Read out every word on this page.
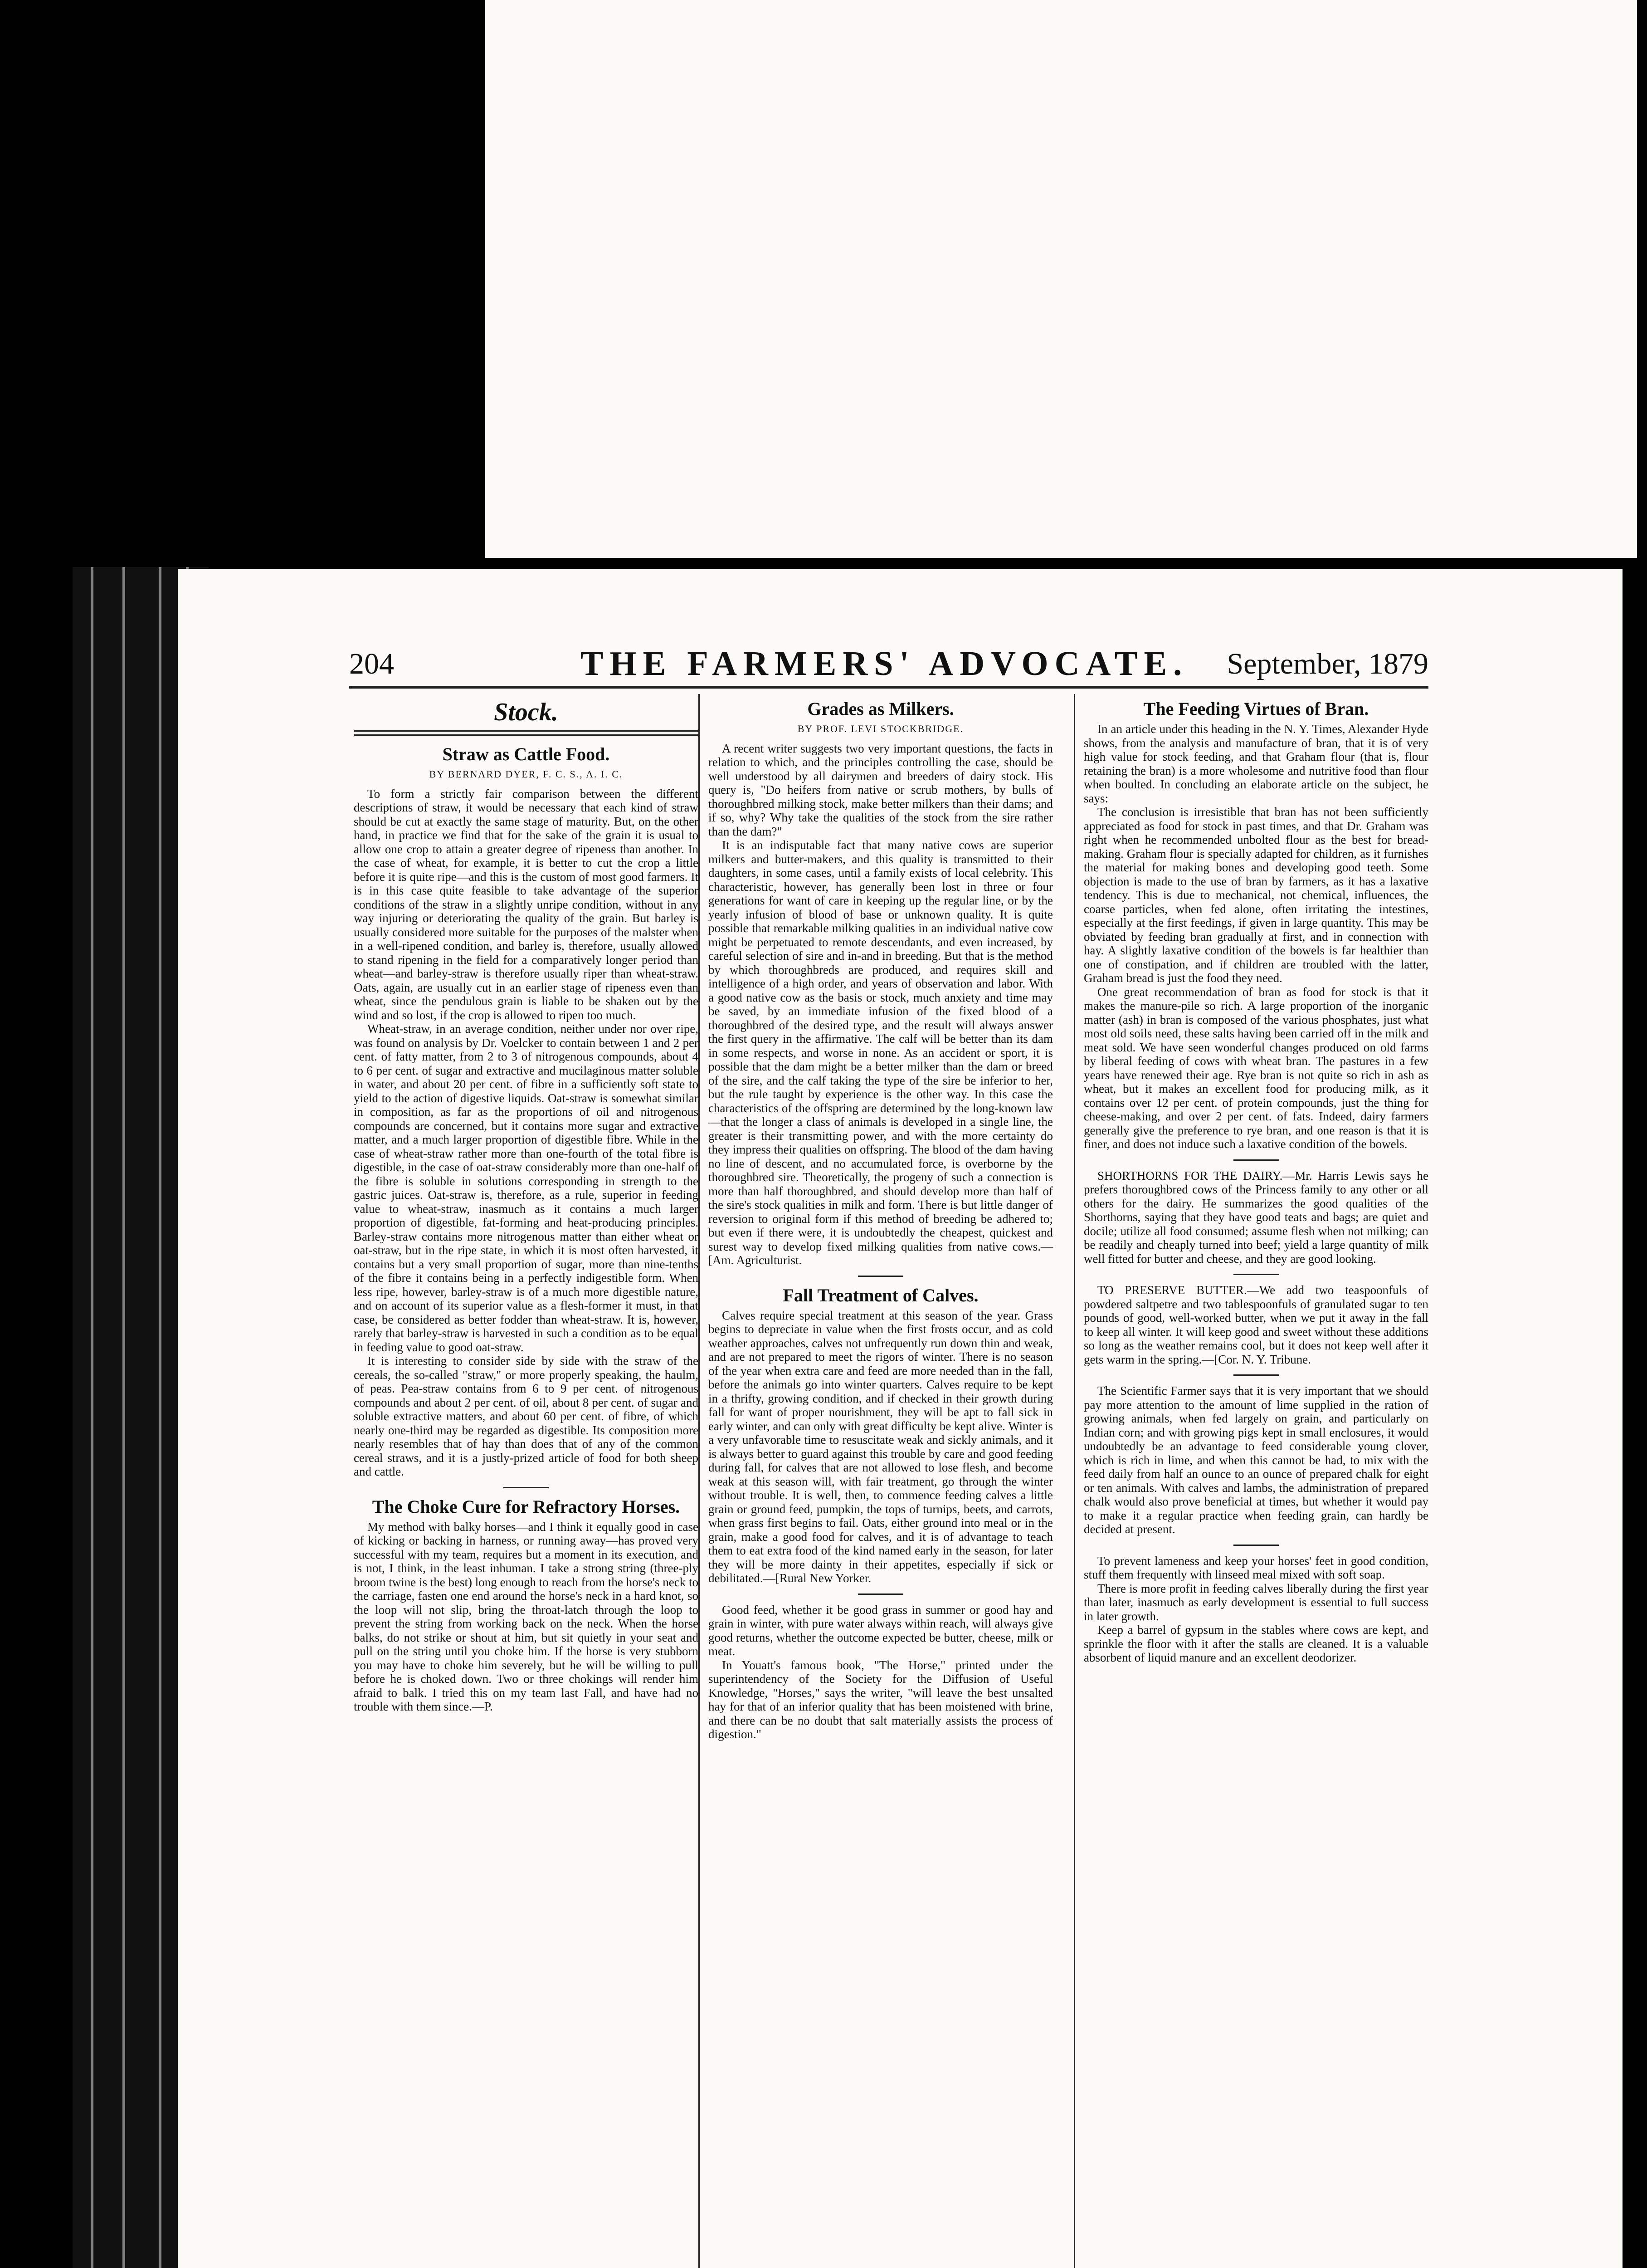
204	THE FARMERS' ADVOCATE.	September, 1879
Stock.
Straw as Cattle Food.
BY BERNARD DYER, F. C. S., A. I. C.

To form a strictly fair comparison between the different descriptions of straw, it would be necessary that each kind of straw should be cut at exactly the same stage of maturity. But, on the other hand, in practice we find that for the sake of the grain it is usual to allow one crop to attain a greater degree of ripeness than another. In the case of wheat, for example, it is better to cut the crop a little before it is quite ripe—and this is the custom of most good farmers. It is in this case quite feasible to take advantage of the superior conditions of the straw in a slightly unripe condition, without in any way injuring or deteriorating the quality of the grain. But barley is usually considered more suitable for the purposes of the malster when in a well-ripened condition, and barley is, therefore, usually allowed to stand ripening in the field for a comparatively longer period than wheat—and barley-straw is therefore usually riper than wheat-straw. Oats, again, are usually cut in an earlier stage of ripeness even than wheat, since the pendulous grain is liable to be shaken out by the wind and so lost, if the crop is allowed to ripen too much.

Wheat-straw, in an average condition, neither under nor over ripe, was found on analysis by Dr. Voelcker to contain between 1 and 2 per cent. of fatty matter, from 2 to 3 of nitrogenous compounds, about 4 to 6 per cent. of sugar and extractive and mucilaginous matter soluble in water, and about 20 per cent. of fibre in a sufficiently soft state to yield to the action of digestive liquids. Oat-straw is somewhat similar in composition, as far as the proportions of oil and nitrogenous compounds are concerned, but it contains more sugar and extractive matter, and a much larger proportion of digestible fibre. While in the case of wheat-straw rather more than one-fourth of the total fibre is digestible, in the case of oat-straw considerably more than one-half of the fibre is soluble in solutions corresponding in strength to the gastric juices. Oat-straw is, therefore, as a rule, superior in feeding value to wheat-straw, inasmuch as it contains a much larger proportion of digestible, fat-forming and heat-producing principles. Barley-straw contains more nitrogenous matter than either wheat or oat-straw, but in the ripe state, in which it is most often harvested, it contains but a very small proportion of sugar, more than nine-tenths of the fibre it contains being in a perfectly indigestible form. When less ripe, however, barley-straw is of a much more digestible nature, and on account of its superior value as a flesh-former it must, in that case, be considered as better fodder than wheat-straw. It is, however, rarely that barley-straw is harvested in such a condition as to be equal in feeding value to good oat-straw.

It is interesting to consider side by side with the straw of the cereals, the so-called "straw," or more properly speaking, the haulm, of peas. Pea-straw contains from 6 to 9 per cent. of nitrogenous compounds and about 2 per cent. of oil, about 8 per cent. of sugar and soluble extractive matters, and about 60 per cent. of fibre, of which nearly one-third may be regarded as digestible. Its composition more nearly resembles that of hay than does that of any of the common cereal straws, and it is a justly-prized article of food for both sheep and cattle.

The Choke Cure for Refractory Horses.

My method with balky horses—and I think it equally good in case of kicking or backing in harness, or running away—has proved very successful with my team, requires but a moment in its execution, and is not, I think, in the least inhuman. I take a strong string (three-ply broom twine is the best) long enough to reach from the horse's neck to the carriage, fasten one end around the horse's neck in a hard knot, so the loop will not slip, bring the throat-latch through the loop to prevent the string from working back on the neck. When the horse balks, do not strike or shout at him, but sit quietly in your seat and pull on the string until you choke him. If the horse is very stubborn you may have to choke him severely, but he will be willing to pull before he is choked down. Two or three chokings will render him afraid to balk. I tried this on my team last Fall, and have had no trouble with them since.—P.

Grades as Milkers.
BY PROF. LEVI STOCKBRIDGE.

A recent writer suggests two very important questions, the facts in relation to which, and the principles controlling the case, should be well understood by all dairymen and breeders of dairy stock. His query is, "Do heifers from native or scrub mothers, by bulls of thoroughbred milking stock, make better milkers than their dams; and if so, why? Why take the qualities of the stock from the sire rather than the dam?"

It is an indisputable fact that many native cows are superior milkers and butter-makers, and this quality is transmitted to their daughters, in some cases, until a family exists of local celebrity. This characteristic, however, has generally been lost in three or four generations for want of care in keeping up the regular line, or by the yearly infusion of blood of base or unknown quality. It is quite possible that remarkable milking qualities in an individual native cow might be perpetuated to remote descendants, and even increased, by careful selection of sire and in-and in breeding. But that is the method by which thoroughbreds are produced, and requires skill and intelligence of a high order, and years of observation and labor. With a good native cow as the basis or stock, much anxiety and time may be saved, by an immediate infusion of the fixed blood of a thoroughbred of the desired type, and the result will always answer the first query in the affirmative. The calf will be better than its dam in some respects, and worse in none. As an accident or sport, it is possible that the dam might be a better milker than the dam or breed of the sire, and the calf taking the type of the sire be inferior to her, but the rule taught by experience is the other way. In this case the characteristics of the offspring are determined by the long-known law—that the longer a class of animals is developed in a single line, the greater is their transmitting power, and with the more certainty do they impress their qualities on offspring. The blood of the dam having no line of descent, and no accumulated force, is overborne by the thoroughbred sire. Theoretically, the progeny of such a connection is more than half thoroughbred, and should develop more than half of the sire's stock qualities in milk and form. There is but little danger of reversion to original form if this method of breeding be adhered to; but even if there were, it is undoubtedly the cheapest, quickest and surest way to develop fixed milking qualities from native cows.—[Am. Agriculturist.

Fall Treatment of Calves.

Calves require special treatment at this season of the year. Grass begins to depreciate in value when the first frosts occur, and as cold weather approaches, calves not unfrequently run down thin and weak, and are not prepared to meet the rigors of winter. There is no season of the year when extra care and feed are more needed than in the fall, before the animals go into winter quarters. Calves require to be kept in a thrifty, growing condition, and if checked in their growth during fall for want of proper nourishment, they will be apt to fall sick in early winter, and can only with great difficulty be kept alive. Winter is a very unfavorable time to resuscitate weak and sickly animals, and it is always better to guard against this trouble by care and good feeding during fall, for calves that are not allowed to lose flesh, and become weak at this season will, with fair treatment, go through the winter without trouble. It is well, then, to commence feeding calves a little grain or ground feed, pumpkin, the tops of turnips, beets, and carrots, when grass first begins to fail. Oats, either ground into meal or in the grain, make a good food for calves, and it is of advantage to teach them to eat extra food of the kind named early in the season, for later they will be more dainty in their appetites, especially if sick or debilitated.—[Rural New Yorker.

Good feed, whether it be good grass in summer or good hay and grain in winter, with pure water always within reach, will always give good returns, whether the outcome expected be butter, cheese, milk or meat.

In Youatt's famous book, "The Horse," printed under the superintendency of the Society for the Diffusion of Useful Knowledge, "Horses," says the writer, "will leave the best unsalted hay for that of an inferior quality that has been moistened with brine, and there can be no doubt that salt materially assists the process of digestion."

The Feeding Virtues of Bran.

In an article under this heading in the N. Y. Times, Alexander Hyde shows, from the analysis and manufacture of bran, that it is of very high value for stock feeding, and that Graham flour (that is, flour retaining the bran) is a more wholesome and nutritive food than flour when boulted. In concluding an elaborate article on the subject, he says:

The conclusion is irresistible that bran has not been sufficiently appreciated as food for stock in past times, and that Dr. Graham was right when he recommended unbolted flour as the best for bread-making. Graham flour is specially adapted for children, as it furnishes the material for making bones and developing good teeth. Some objection is made to the use of bran by farmers, as it has a laxative tendency. This is due to mechanical, not chemical, influences, the coarse particles, when fed alone, often irritating the intestines, especially at the first feedings, if given in large quantity. This may be obviated by feeding bran gradually at first, and in connection with hay. A slightly laxative condition of the bowels is far healthier than one of constipation, and if children are troubled with the latter, Graham bread is just the food they need.

One great recommendation of bran as food for stock is that it makes the manure-pile so rich. A large proportion of the inorganic matter (ash) in bran is composed of the various phosphates, just what most old soils need, these salts having been carried off in the milk and meat sold. We have seen wonderful changes produced on old farms by liberal feeding of cows with wheat bran. The pastures in a few years have renewed their age. Rye bran is not quite so rich in ash as wheat, but it makes an excellent food for producing milk, as it contains over 12 per cent. of protein compounds, just the thing for cheese-making, and over 2 per cent. of fats. Indeed, dairy farmers generally give the preference to rye bran, and one reason is that it is finer, and does not induce such a laxative condition of the bowels.

SHORTHORNS FOR THE DAIRY.—Mr. Harris Lewis says he prefers thoroughbred cows of the Princess family to any other or all others for the dairy. He summarizes the good qualities of the Shorthorns, saying that they have good teats and bags; are quiet and docile; utilize all food consumed; assume flesh when not milking; can be readily and cheaply turned into beef; yield a large quantity of milk well fitted for butter and cheese, and they are good looking.

TO PRESERVE BUTTER.—We add two teaspoonfuls of powdered saltpetre and two tablespoonfuls of granulated sugar to ten pounds of good, well-worked butter, when we put it away in the fall to keep all winter. It will keep good and sweet without these additions so long as the weather remains cool, but it does not keep well after it gets warm in the spring.—[Cor. N. Y. Tribune.

The Scientific Farmer says that it is very important that we should pay more attention to the amount of lime supplied in the ration of growing animals, when fed largely on grain, and particularly on Indian corn; and with growing pigs kept in small enclosures, it would undoubtedly be an advantage to feed considerable young clover, which is rich in lime, and when this cannot be had, to mix with the feed daily from half an ounce to an ounce of prepared chalk for eight or ten animals. With calves and lambs, the administration of prepared chalk would also prove beneficial at times, but whether it would pay to make it a regular practice when feeding grain, can hardly be decided at present.

To prevent lameness and keep your horses' feet in good condition, stuff them frequently with linseed meal mixed with soft soap.

There is more profit in feeding calves liberally during the first year than later, inasmuch as early development is essential to full success in later growth.

Keep a barrel of gypsum in the stables where cows are kept, and sprinkle the floor with it after the stalls are cleaned. It is a valuable absorbent of liquid manure and an excellent deodorizer.
